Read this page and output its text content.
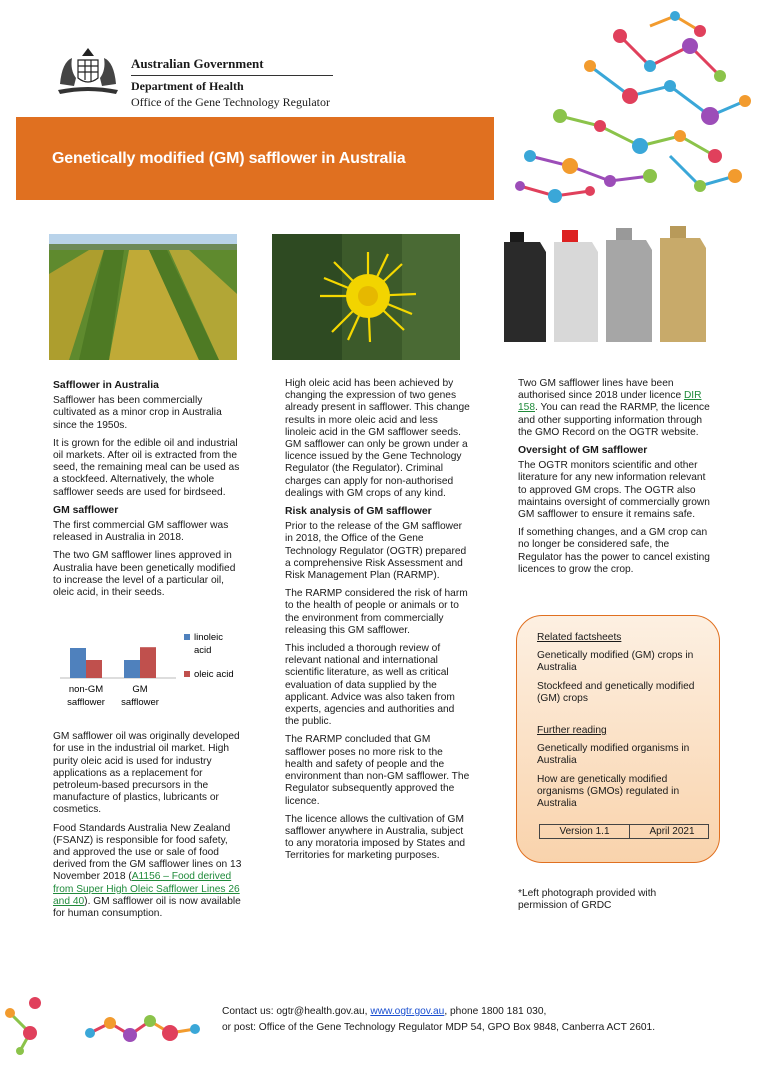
Australian Government
Department of Health
Office of the Gene Technology Regulator
Genetically modified (GM) safflower in Australia
Safflower in Australia

Safflower has been commercially cultivated as a minor crop in Australia since the 1950s.

It is grown for the edible oil and industrial oil markets. After oil is extracted from the seed, the remaining meal can be used as a stockfeed. Alternatively, the whole safflower seeds are used for birdseed.

GM safflower

The first commercial GM safflower was released in Australia in 2018.

The two GM safflower lines approved in Australia have been genetically modified to increase the level of a particular oil, oleic acid, in their seeds.

GM safflower oil was originally developed for use in the industrial oil market. High purity oleic acid is used for industry applications as a replacement for petroleum-based precursors in the manufacture of plastics, lubricants or cosmetics.

Food Standards Australia New Zealand (FSANZ) is responsible for food safety, and approved the use or sale of food derived from the GM safflower lines on 13 November 2018 (A1156 – Food derived from Super High Oleic Safflower Lines 26 and 40). GM safflower oil is now available for human consumption.

non-GM
safflower
GM
safflower
linoleic
acid
oleic acid

High oleic acid has been achieved by changing the expression of two genes already present in safflower. This change results in more oleic acid and less linoleic acid in the GM safflower seeds. GM safflower can only be grown under a licence issued by the Gene Technology Regulator (the Regulator). Criminal charges can apply for non-authorised dealings with GM crops of any kind.

Risk analysis of GM safflower

Prior to the release of the GM safflower in 2018, the Office of the Gene Technology Regulator (OGTR) prepared a comprehensive Risk Assessment and Risk Management Plan (RARMP).

The RARMP considered the risk of harm to the health of people or animals or to the environment from commercially releasing this GM safflower.

This included a thorough review of relevant national and international scientific literature, as well as critical evaluation of data supplied by the applicant. Advice was also taken from experts, agencies and authorities and the public.

The RARMP concluded that GM safflower poses no more risk to the health and safety of people and the environment than non-GM safflower. The Regulator subsequently approved the licence.

The licence allows the cultivation of GM safflower anywhere in Australia, subject to any moratoria imposed by States and Territories for marketing purposes.

Two GM safflower lines have been authorised since 2018 under licence DIR 158. You can read the RARMP, the licence and other supporting information through the GMO Record on the OGTR website.

Oversight of GM safflower

The OGTR monitors scientific and other literature for any new information relevant to approved GM crops. The OGTR also maintains oversight of commercially grown GM safflower to ensure it remains safe.

If something changes, and a GM crop can no longer be considered safe, the Regulator has the power to cancel existing licences to grow the crop.

Related factsheets
Genetically modified (GM) crops in Australia
Stockfeed and genetically modified (GM) crops
Further reading
Genetically modified organisms in Australia
How are genetically modified organisms (GMOs) regulated in Australia
Version 1.1	April 2021
*Left photograph provided with permission of GRDC
Contact us: ogtr@health.gov.au, www.ogtr.gov.au, phone 1800 181 030,
or post: Office of the Gene Technology Regulator MDP 54, GPO Box 9848, Canberra ACT 2601.
